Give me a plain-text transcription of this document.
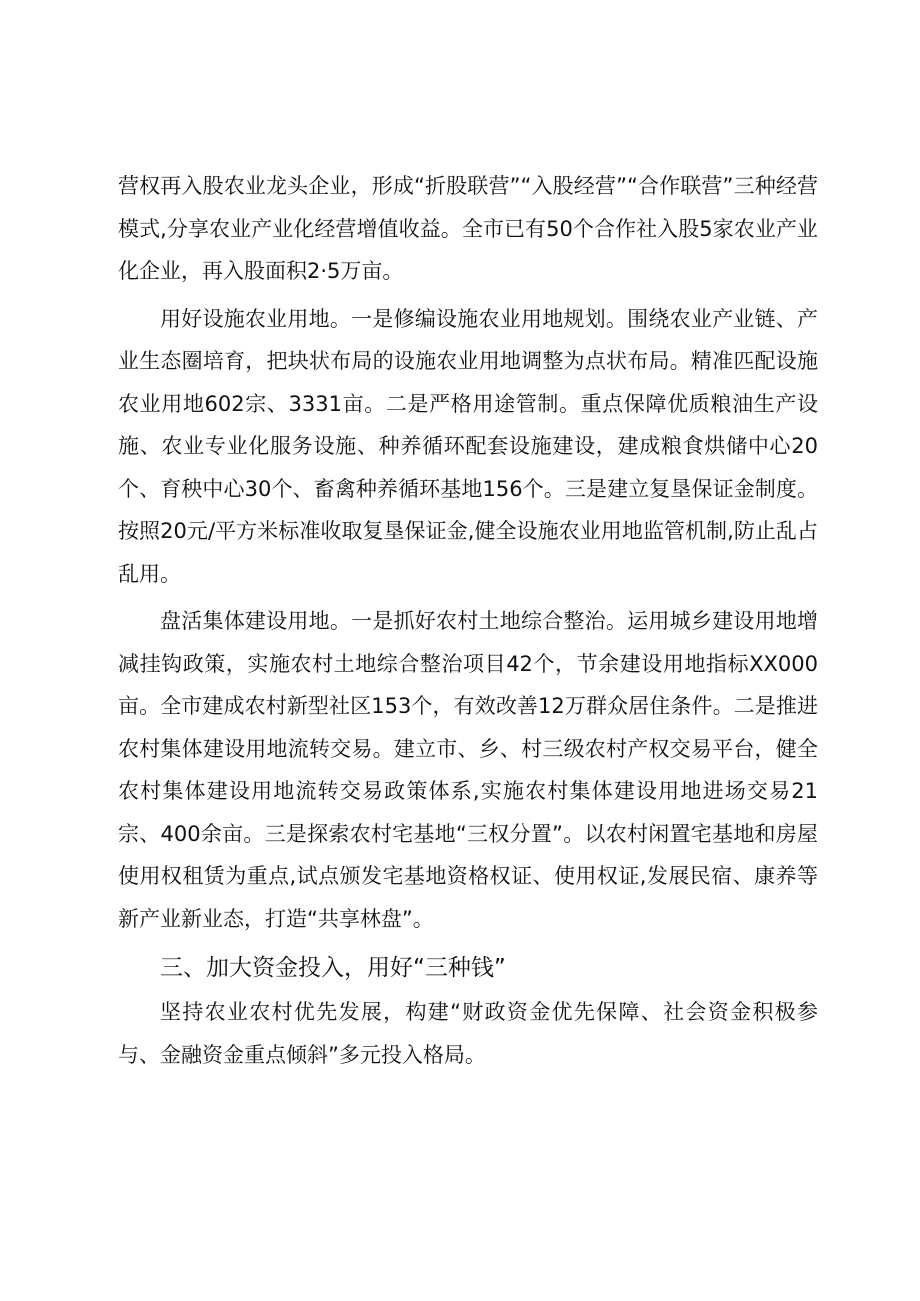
营权再入股农业龙头企业，形成“折股联营”“入股经营”“合作联营”三种经营模式,分享农业产业化经营增值收益。全市已有50个合作社入股5家农业产业化企业，再入股面积2·5万亩。

用好设施农业用地。一是修编设施农业用地规划。围绕农业产业链、产业生态圈培育，把块状布局的设施农业用地调整为点状布局。精准匹配设施农业用地602宗、3331亩。二是严格用途管制。重点保障优质粮油生产设施、农业专业化服务设施、种养循环配套设施建设，建成粮食烘储中心20个、育秧中心30个、畜禽种养循环基地156个。三是建立复垦保证金制度。按照20元/平方米标准收取复垦保证金,健全设施农业用地监管机制,防止乱占乱用。

盘活集体建设用地。一是抓好农村土地综合整治。运用城乡建设用地增减挂钩政策，实施农村土地综合整治项目42个，节余建设用地指标XX000亩。全市建成农村新型社区153个，有效改善12万群众居住条件。二是推进农村集体建设用地流转交易。建立市、乡、村三级农村产权交易平台，健全农村集体建设用地流转交易政策体系,实施农村集体建设用地进场交易21宗、400余亩。三是探索农村宅基地“三权分置”。以农村闲置宅基地和房屋使用权租赁为重点,试点颁发宅基地资格权证、使用权证,发展民宿、康养等新产业新业态，打造“共享林盘”。

三、加大资金投入，用好“三种钱”

坚持农业农村优先发展，构建“财政资金优先保障、社会资金积极参与、金融资金重点倾斜”多元投入格局。
